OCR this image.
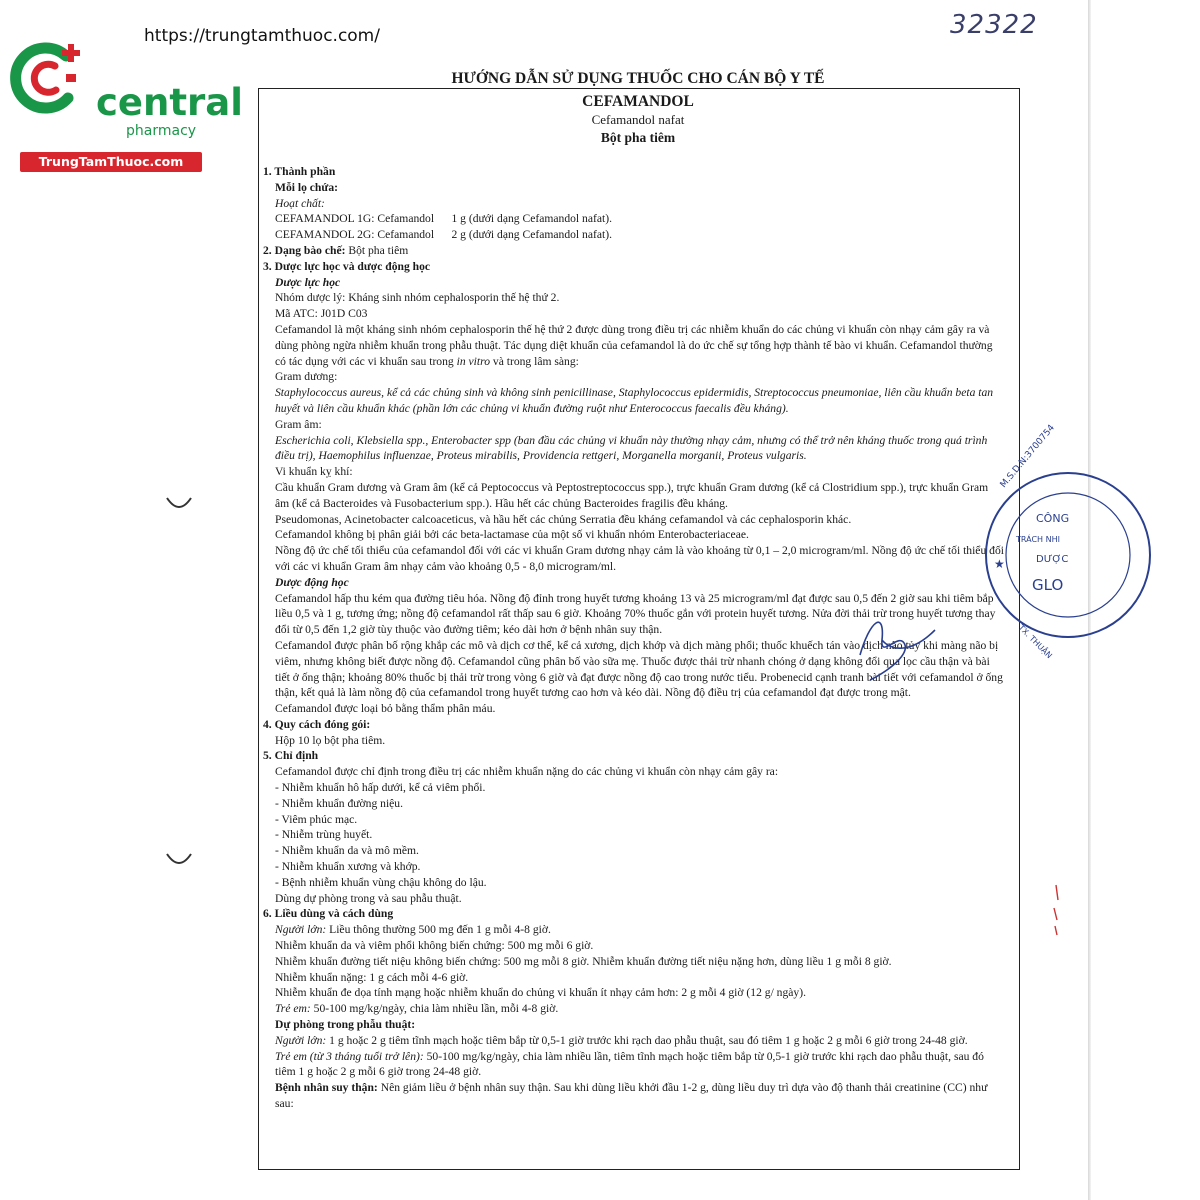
central
pharmacy
TrungTamThuoc.com
https://trungtamthuoc.com/	32322
HƯỚNG DẪN SỬ DỤNG THUỐC CHO CÁN BỘ Y TẾ
CEFAMANDOL
Cefamandol nafat
Bột pha tiêm

1. Thành phần

Mỗi lọ chứa:

Hoạt chất:

CEFAMANDOL 1G: Cefamandol      1 g (dưới dạng Cefamandol nafat).

CEFAMANDOL 2G: Cefamandol      2 g (dưới dạng Cefamandol nafat).

2. Dạng bào chế: Bột pha tiêm

3. Dược lực học và dược động học

Dược lực học

Nhóm dược lý: Kháng sinh nhóm cephalosporin thế hệ thứ 2.

Mã ATC: J01D C03

Cefamandol là một kháng sinh nhóm cephalosporin thế hệ thứ 2 được dùng trong điều trị các nhiễm khuẩn do các chủng vi khuẩn còn nhạy cảm gây ra và dùng phòng ngừa nhiễm khuẩn trong phẫu thuật. Tác dụng diệt khuẩn của cefamandol là do ức chế sự tổng hợp thành tế bào vi khuẩn. Cefamandol thường có tác dụng với các vi khuẩn sau trong in vitro và trong lâm sàng:

Gram dương:

Staphylococcus aureus, kể cả các chủng sinh và không sinh penicillinase, Staphylococcus epidermidis, Streptococcus pneumoniae, liên cầu khuẩn beta tan huyết và liên cầu khuẩn khác (phần lớn các chủng vi khuẩn đường ruột như Enterococcus faecalis đều kháng).

Gram âm:

Escherichia coli, Klebsiella spp., Enterobacter spp (ban đầu các chủng vi khuẩn này thường nhạy cảm, nhưng có thể trở nên kháng thuốc trong quá trình điều trị), Haemophilus influenzae, Proteus mirabilis, Providencia rettgeri, Morganella morganii, Proteus vulgaris.

Vi khuẩn kỵ khí:

Cầu khuẩn Gram dương và Gram âm (kể cả Peptococcus và Peptostreptococcus spp.), trực khuẩn Gram dương (kể cả Clostridium spp.), trực khuẩn Gram âm (kể cả Bacteroides và Fusobacterium spp.). Hầu hết các chủng Bacteroides fragilis đều kháng.

Pseudomonas, Acinetobacter calcoaceticus, và hầu hết các chủng Serratia đều kháng cefamandol và các cephalosporin khác.

Cefamandol không bị phân giải bởi các beta-lactamase của một số vi khuẩn nhóm Enterobacteriaceae.

Nồng độ ức chế tối thiểu của cefamandol đối với các vi khuẩn Gram dương nhạy cảm là vào khoảng từ 0,1 – 2,0 microgram/ml. Nồng độ ức chế tối thiểu đối với các vi khuẩn Gram âm nhạy cảm vào khoảng 0,5 - 8,0 microgram/ml.

Dược động học

Cefamandol hấp thu kém qua đường tiêu hóa. Nồng độ đỉnh trong huyết tương khoảng 13 và 25 microgram/ml đạt được sau 0,5 đến 2 giờ sau khi tiêm bắp liều 0,5 và 1 g, tương ứng; nồng độ cefamandol rất thấp sau 6 giờ. Khoảng 70% thuốc gắn với protein huyết tương. Nửa đời thải trừ trong huyết tương thay đổi từ 0,5 đến 1,2 giờ tùy thuộc vào đường tiêm; kéo dài hơn ở bệnh nhân suy thận.

Cefamandol được phân bố rộng khắp các mô và dịch cơ thể, kể cả xương, dịch khớp và dịch màng phổi; thuốc khuếch tán vào dịch não tủy khi màng não bị viêm, nhưng không biết được nồng độ. Cefamandol cũng phân bố vào sữa mẹ. Thuốc được thải trừ nhanh chóng ở dạng không đổi qua lọc cầu thận và bài tiết ở ống thận; khoảng 80% thuốc bị thải trừ trong vòng 6 giờ và đạt được nồng độ cao trong nước tiểu. Probenecid cạnh tranh bài tiết với cefamandol ở ống thận, kết quả là làm nồng độ của cefamandol trong huyết tương cao hơn và kéo dài. Nồng độ điều trị của cefamandol đạt được trong mật.

Cefamandol được loại bỏ bằng thẩm phân máu.

4. Quy cách đóng gói:

Hộp 10 lọ bột pha tiêm.

5. Chỉ định

Cefamandol được chỉ định trong điều trị các nhiễm khuẩn nặng do các chủng vi khuẩn còn nhạy cảm gây ra:

- Nhiễm khuẩn hô hấp dưới, kể cả viêm phổi.

- Nhiễm khuẩn đường niệu.

- Viêm phúc mạc.

- Nhiễm trùng huyết.

- Nhiễm khuẩn da và mô mềm.

- Nhiễm khuẩn xương và khớp.

- Bệnh nhiễm khuẩn vùng chậu không do lậu.

Dùng dự phòng trong và sau phẫu thuật.

6. Liều dùng và cách dùng

Người lớn: Liều thông thường 500 mg đến 1 g mỗi 4-8 giờ.

Nhiễm khuẩn da và viêm phổi không biến chứng: 500 mg mỗi 6 giờ.

Nhiễm khuẩn đường tiết niệu không biến chứng: 500 mg mỗi 8 giờ. Nhiễm khuẩn đường tiết niệu nặng hơn, dùng liều 1 g mỗi 8 giờ.

Nhiễm khuẩn nặng: 1 g cách mỗi 4-6 giờ.

Nhiễm khuẩn đe dọa tính mạng hoặc nhiễm khuẩn do chủng vi khuẩn ít nhạy cảm hơn: 2 g mỗi 4 giờ (12 g/ ngày).

Trẻ em: 50-100 mg/kg/ngày, chia làm nhiều lần, mỗi 4-8 giờ.

Dự phòng trong phẫu thuật:

Người lớn: 1 g hoặc 2 g tiêm tĩnh mạch hoặc tiêm bắp từ 0,5-1 giờ trước khi rạch dao phẫu thuật, sau đó tiêm 1 g hoặc 2 g mỗi 6 giờ trong 24-48 giờ.

Trẻ em (từ 3 tháng tuổi trở lên): 50-100 mg/kg/ngày, chia làm nhiều lần, tiêm tĩnh mạch hoặc tiêm bắp từ 0,5-1 giờ trước khi rạch dao phẫu thuật, sau đó tiêm 1 g hoặc 2 g mỗi 6 giờ trong 24-48 giờ.

Bệnh nhân suy thận: Nên giảm liều ở bệnh nhân suy thận. Sau khi dùng liều khởi đầu 1-2 g, dùng liều duy trì dựa vào độ thanh thải creatinine (CC) như sau:

M.S.D.N:3700754
CÔNG
TRÁCH NHI
DƯỢC
GLO
★
TX. THUẬN
